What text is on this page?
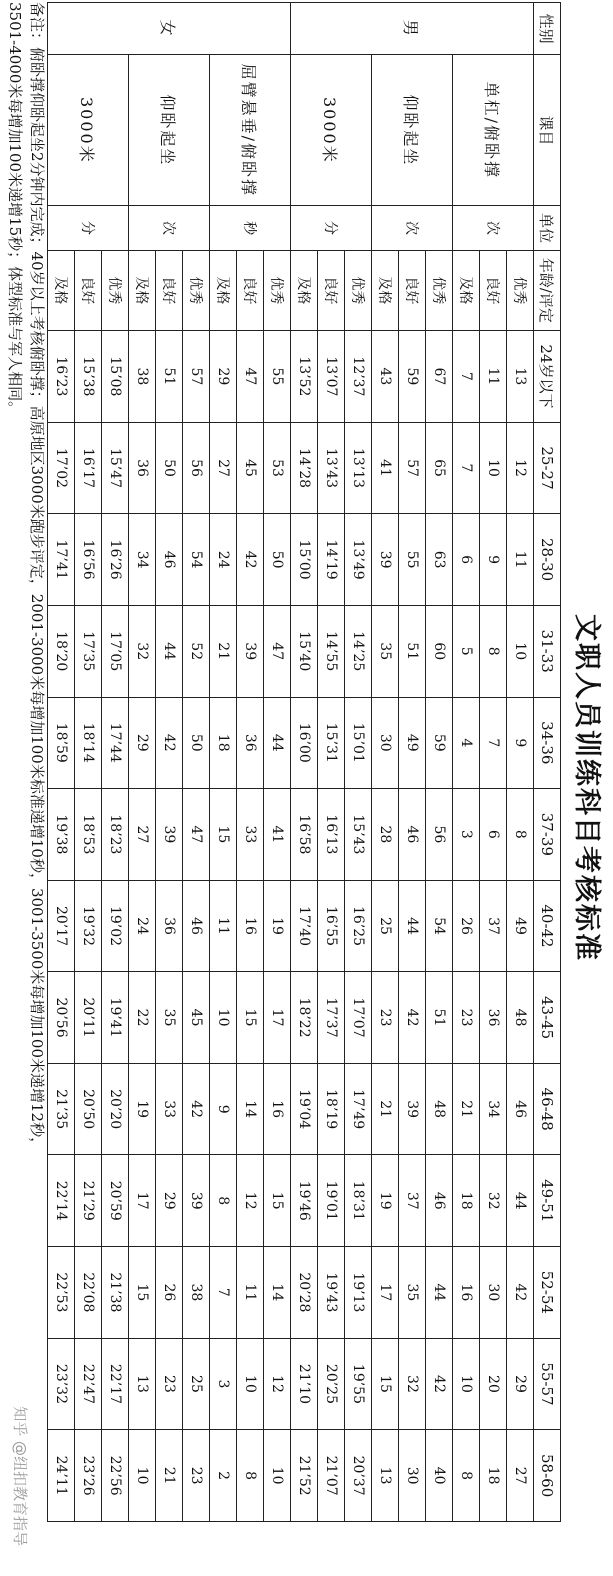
文职人员训练科目考核标准
性别	课目	单位	年龄/评定	24岁以下	25-27	28-30	31-33	34-36	37-39	40-42	43-45	46-48	49-51	52-54	55-57	58-60
男	单杠/俯卧撑	次	优秀	13	12	11	10	9	8	49	48	46	44	42	29	27
			良好	11	10	9	8	7	6	37	36	34	32	30	20	18
			及格	7	7	6	5	4	3	26	23	21	18	16	10	8
	仰卧起坐	次	优秀	67	65	63	60	59	56	54	51	48	46	44	42	40
			良好	59	57	55	51	49	46	44	42	39	37	35	32	30
			及格	43	41	39	35	30	28	25	23	21	19	17	15	13
	3000米	分	优秀	12’37	13’13	13’49	14’25	15’01	15’43	16’25	17’07	17’49	18’31	19’13	19’55	20’37
			良好	13’07	13’43	14’19	14’55	15’31	16’13	16’55	17’37	18’19	19’01	19’43	20’25	21’07
			及格	13’52	14’28	15’00	15’40	16’00	16’58	17’40	18’22	19’04	19’46	20’28	21’10	21’52
女	屈臂悬垂/俯卧撑	秒	优秀	55	53	50	47	44	41	19	17	16	15	14	12	10
			良好	47	45	42	39	36	33	16	15	14	12	11	10	8
			及格	29	27	24	21	18	15	11	10	9	8	7	3	2
	仰卧起坐	次	优秀	57	56	54	52	50	47	46	45	42	39	38	25	23
			良好	51	50	46	44	42	39	36	35	33	29	26	23	21
			及格	38	36	34	32	29	27	24	22	19	17	15	13	10
	3000米	分	优秀	15’08	15’47	16’26	17’05	17’44	18’23	19’02	19’41	20’20	20’59	21’38	22’17	22’56
			良好	15’38	16’17	16’56	17’35	18’14	18’53	19’32	20’11	20’50	21’29	22’08	22’47	23’26
			及格	16’23	17’02	17’41	18’20	18’59	19’38	20’17	20’56	21’35	22’14	22’53	23’32	24’11
备注：俯卧撑仰卧起坐2分钟内完成；40岁以上考核俯卧撑；高原地区3000米跑步评定，2001-3000米每增加100米标准递增10秒，3001-3500米每增加100米递增12秒，
3501-4000米每增加100米递增15秒；体型标准与军人相同。
知乎 @纽扣教育指导
